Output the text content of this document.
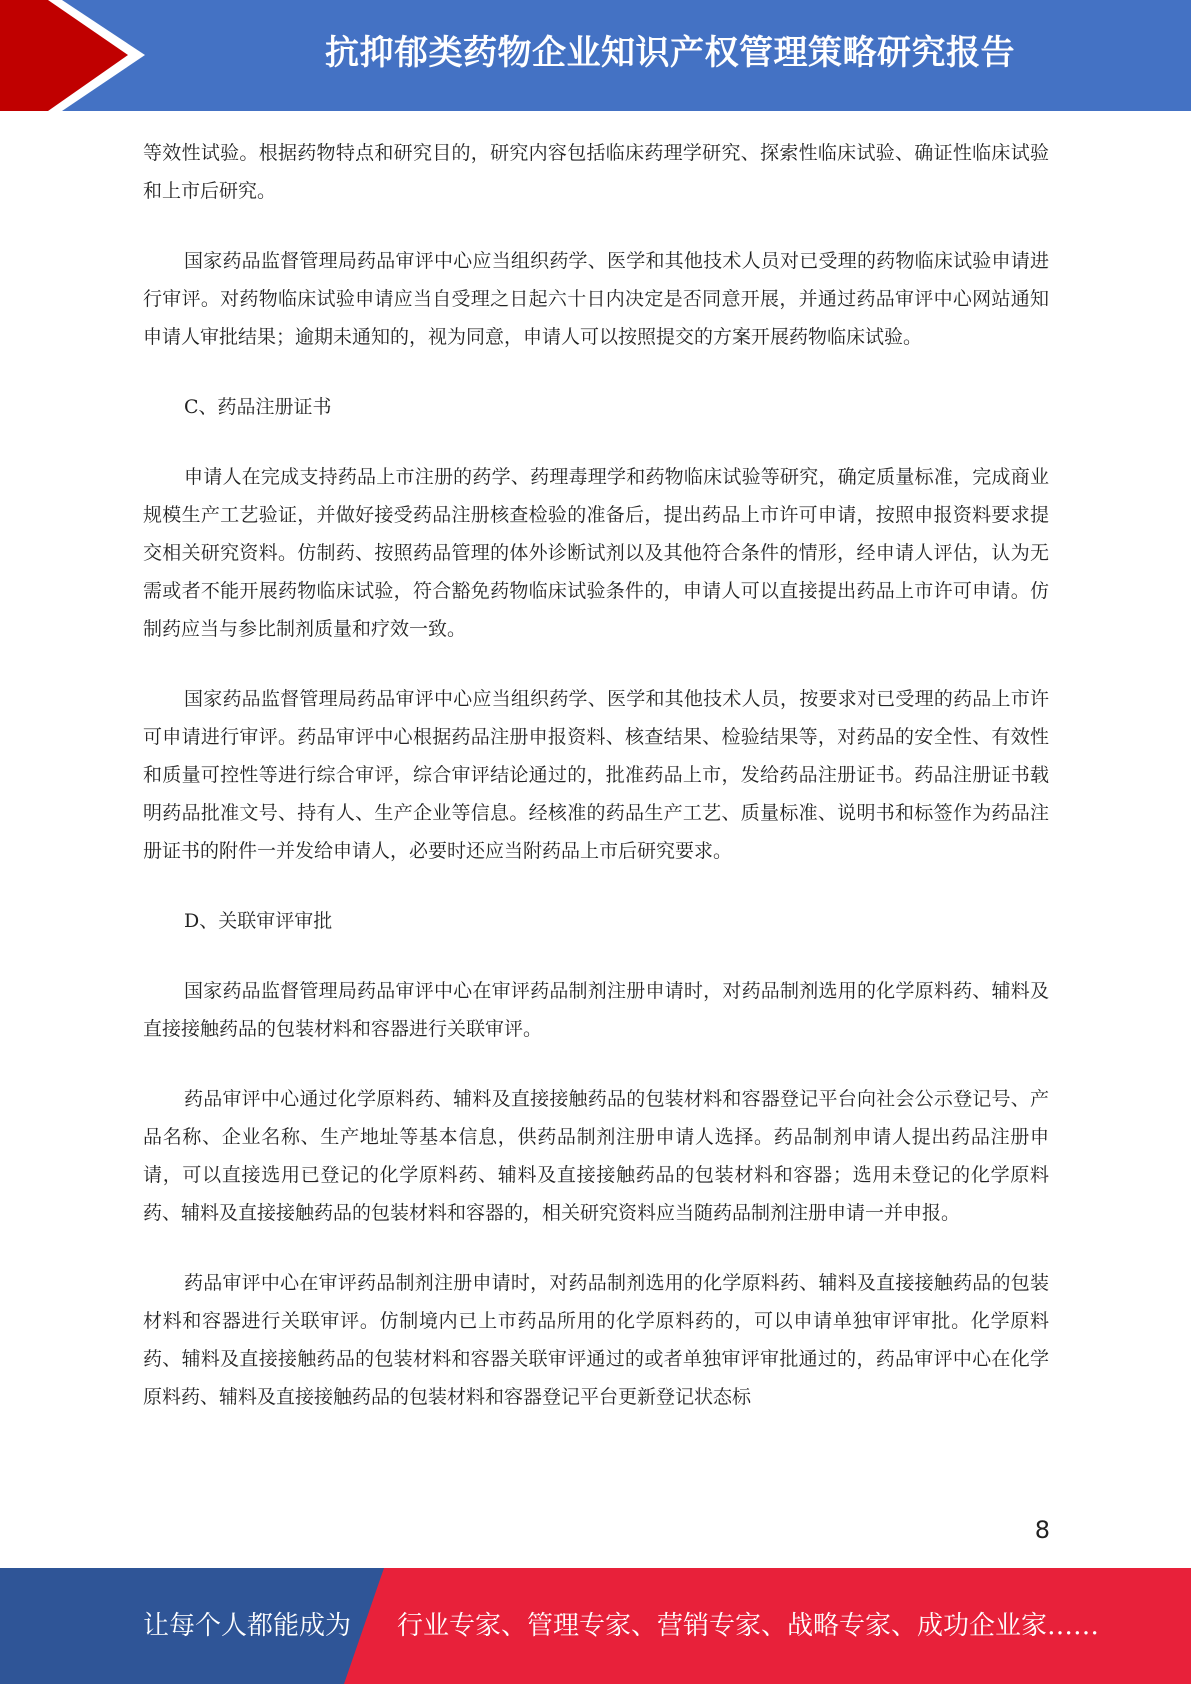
抗抑郁类药物企业知识产权管理策略研究报告

等效性试验。根据药物特点和研究目的，研究内容包括临床药理学研究、探索性临床试验、确证性临床试验和上市后研究。

国家药品监督管理局药品审评中心应当组织药学、医学和其他技术人员对已受理的药物临床试验申请进行审评。对药物临床试验申请应当自受理之日起六十日内决定是否同意开展，并通过药品审评中心网站通知申请人审批结果；逾期未通知的，视为同意，申请人可以按照提交的方案开展药物临床试验。

C、药品注册证书

申请人在完成支持药品上市注册的药学、药理毒理学和药物临床试验等研究，确定质量标准，完成商业规模生产工艺验证，并做好接受药品注册核查检验的准备后，提出药品上市许可申请，按照申报资料要求提交相关研究资料。仿制药、按照药品管理的体外诊断试剂以及其他符合条件的情形，经申请人评估，认为无需或者不能开展药物临床试验，符合豁免药物临床试验条件的，申请人可以直接提出药品上市许可申请。仿制药应当与参比制剂质量和疗效一致。

国家药品监督管理局药品审评中心应当组织药学、医学和其他技术人员，按要求对已受理的药品上市许可申请进行审评。药品审评中心根据药品注册申报资料、核查结果、检验结果等，对药品的安全性、有效性和质量可控性等进行综合审评，综合审评结论通过的，批准药品上市，发给药品注册证书。药品注册证书载明药品批准文号、持有人、生产企业等信息。经核准的药品生产工艺、质量标准、说明书和标签作为药品注册证书的附件一并发给申请人，必要时还应当附药品上市后研究要求。

D、关联审评审批

国家药品监督管理局药品审评中心在审评药品制剂注册申请时，对药品制剂选用的化学原料药、辅料及直接接触药品的包装材料和容器进行关联审评。

药品审评中心通过化学原料药、辅料及直接接触药品的包装材料和容器登记平台向社会公示登记号、产品名称、企业名称、生产地址等基本信息，供药品制剂注册申请人选择。药品制剂申请人提出药品注册申请，可以直接选用已登记的化学原料药、辅料及直接接触药品的包装材料和容器；选用未登记的化学原料药、辅料及直接接触药品的包装材料和容器的，相关研究资料应当随药品制剂注册申请一并申报。

药品审评中心在审评药品制剂注册申请时，对药品制剂选用的化学原料药、辅料及直接接触药品的包装材料和容器进行关联审评。仿制境内已上市药品所用的化学原料药的，可以申请单独审评审批。化学原料药、辅料及直接接触药品的包装材料和容器关联审评通过的或者单独审评审批通过的，药品审评中心在化学原料药、辅料及直接接触药品的包装材料和容器登记平台更新登记状态标

8
让每个人都能成为 行业专家、管理专家、营销专家、战略专家、成功企业家……
